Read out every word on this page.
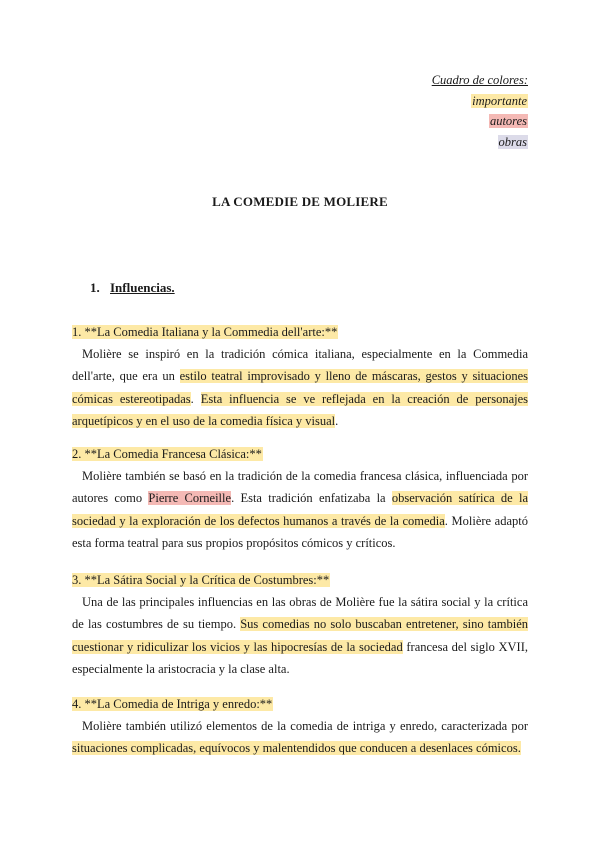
Cuadro de colores:
importante
autores
obras
LA COMEDIE DE MOLIERE
1. Influencias.
1. **La Comedia Italiana y la Commedia dell'arte:**

Molière se inspiró en la tradición cómica italiana, especialmente en la Commedia dell'arte, que era un estilo teatral improvisado y lleno de máscaras, gestos y situaciones cómicas estereotipadas. Esta influencia se ve reflejada en la creación de personajes arquetípicos y en el uso de la comedia física y visual.

2. **La Comedia Francesa Clásica:**

Molière también se basó en la tradición de la comedia francesa clásica, influenciada por autores como Pierre Corneille. Esta tradición enfatizaba la observación satírica de la sociedad y la exploración de los defectos humanos a través de la comedia. Molière adaptó esta forma teatral para sus propios propósitos cómicos y críticos.

3. **La Sátira Social y la Crítica de Costumbres:**

Una de las principales influencias en las obras de Molière fue la sátira social y la crítica de las costumbres de su tiempo. Sus comedias no solo buscaban entretener, sino también cuestionar y ridiculizar los vicios y las hipocresías de la sociedad francesa del siglo XVII, especialmente la aristocracia y la clase alta.

4. **La Comedia de Intriga y enredo:**

Molière también utilizó elementos de la comedia de intriga y enredo, caracterizada por situaciones complicadas, equívocos y malentendidos que conducen a desenlaces cómicos.
